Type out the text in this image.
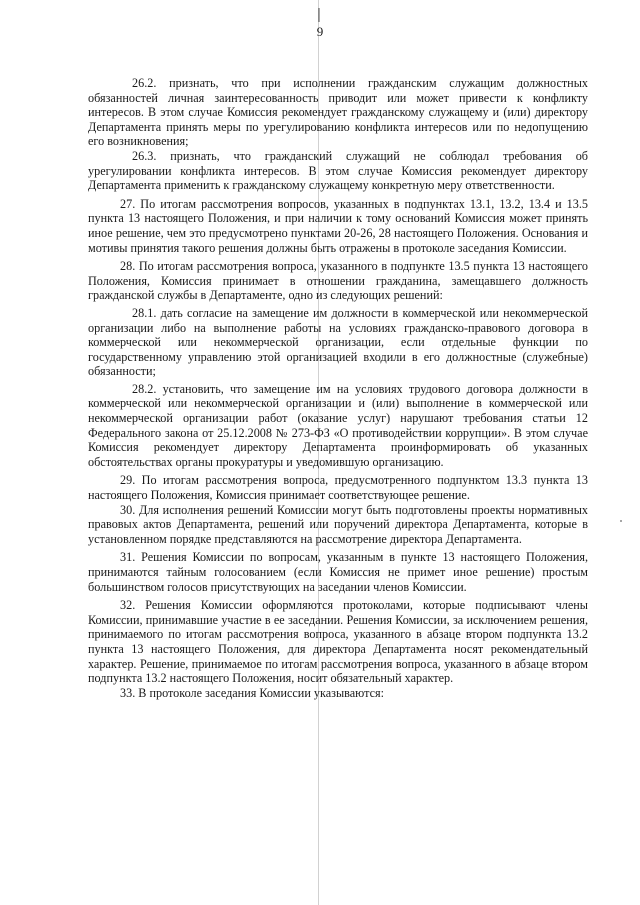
9

26.2. признать, что при исполнении гражданским служащим должностных обязанностей личная заинтересованность приводит или может привести к конфликту интересов. В этом случае Комиссия рекомендует гражданскому служащему и (или) директору Департамента принять меры по урегулированию конфликта интересов или по недопущению его возникновения;

26.3. признать, что гражданский служащий не соблюдал требования об урегулировании конфликта интересов. В этом случае Комиссия рекомендует директору Департамента применить к гражданскому служащему конкретную меру ответственности.

27. По итогам рассмотрения вопросов, указанных в подпунктах 13.1, 13.2, 13.4 и 13.5 пункта 13 настоящего Положения, и при наличии к тому оснований Комиссия может принять иное решение, чем это предусмотрено пунктами 20-26, 28 настоящего Положения. Основания и мотивы принятия такого решения должны быть отражены в протоколе заседания Комиссии.

28. По итогам рассмотрения вопроса, указанного в подпункте 13.5 пункта 13 настоящего Положения, Комиссия принимает в отношении гражданина, замещавшего должность гражданской службы в Департаменте, одно из следующих решений:

28.1. дать согласие на замещение им должности в коммерческой или некоммерческой организации либо на выполнение работы на условиях гражданско-правового договора в коммерческой или некоммерческой организации, если отдельные функции по государственному управлению этой организацией входили в его должностные (служебные) обязанности;

28.2. установить, что замещение им на условиях трудового договора должности в коммерческой или некоммерческой организации и (или) выполнение в коммерческой или некоммерческой организации работ (оказание услуг) нарушают требования статьи 12 Федерального закона от 25.12.2008 № 273-ФЗ «О противодействии коррупции». В этом случае Комиссия рекомендует директору Департамента проинформировать об указанных обстоятельствах органы прокуратуры и уведомившую организацию.

29. По итогам рассмотрения вопроса, предусмотренного подпунктом 13.3 пункта 13 настоящего Положения, Комиссия принимает соответствующее решение.

30. Для исполнения решений Комиссии могут быть подготовлены проекты нормативных правовых актов Департамента, решений или поручений директора Департамента, которые в установленном порядке представляются на рассмотрение директора Департамента.

31. Решения Комиссии по вопросам, указанным в пункте 13 настоящего Положения, принимаются тайным голосованием (если Комиссия не примет иное решение) простым большинством голосов присутствующих на заседании членов Комиссии.

32. Решения Комиссии оформляются протоколами, которые подписывают члены Комиссии, принимавшие участие в ее заседании. Решения Комиссии, за исключением решения, принимаемого по итогам рассмотрения вопроса, указанного в абзаце втором подпункта 13.2 пункта 13 настоящего Положения, для директора Департамента носят рекомендательный характер. Решение, принимаемое по итогам рассмотрения вопроса, указанного в абзаце втором подпункта 13.2 настоящего Положения, носит обязательный характер.

33. В протоколе заседания Комиссии указываются:
